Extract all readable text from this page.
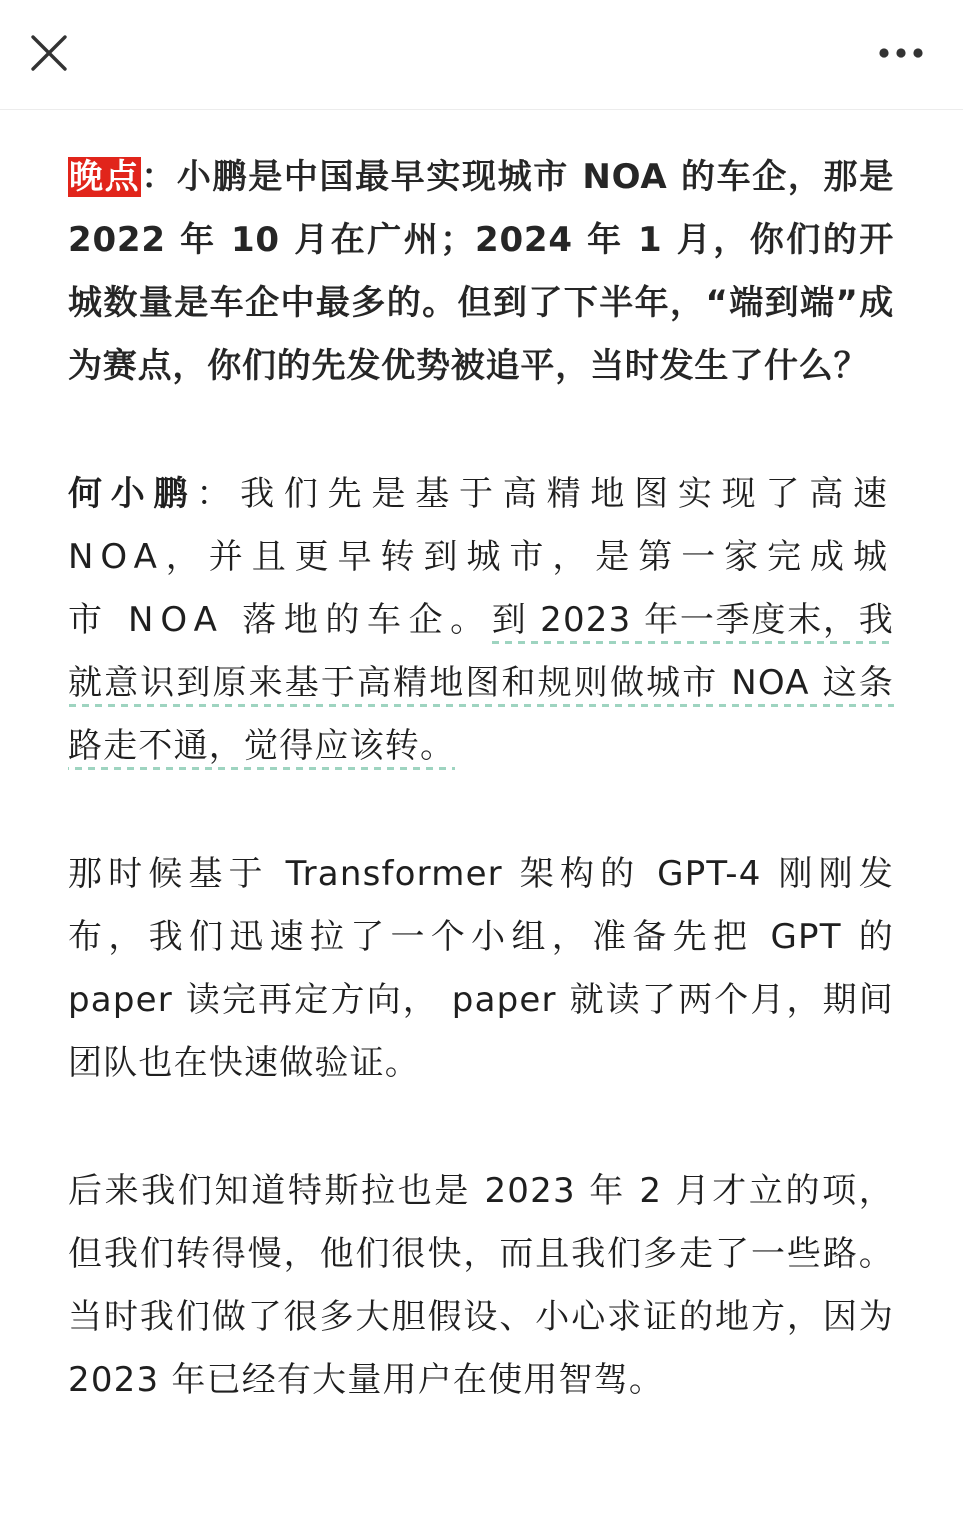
晚点：小鹏是中国最早实现城市 NOA 的车企，那是 2022 年 10 月在广州；2024 年 1 月，你们的开城数量是车企中最多的。但到了下半年，“端到端”成为赛点，你们的先发优势被追平，当时发生了什么？

何小鹏：我们先是基于高精地图实现了高速 NOA，并且更早转到城市，是第一家完成城市 NOA 落地的车企。到 2023 年一季度末，我就意识到原来基于高精地图和规则做城市 NOA 这条路走不通，觉得应该转。

那时候基于 Transformer 架构的 GPT-4 刚刚发布，我们迅速拉了一个小组，准备先把 GPT 的 paper 读完再定方向， paper 就读了两个月，期间团队也在快速做验证。

后来我们知道特斯拉也是 2023 年 2 月才立的项，但我们转得慢，他们很快，而且我们多走了一些路。当时我们做了很多大胆假设、小心求证的地方，因为 2023 年已经有大量用户在使用智驾。
